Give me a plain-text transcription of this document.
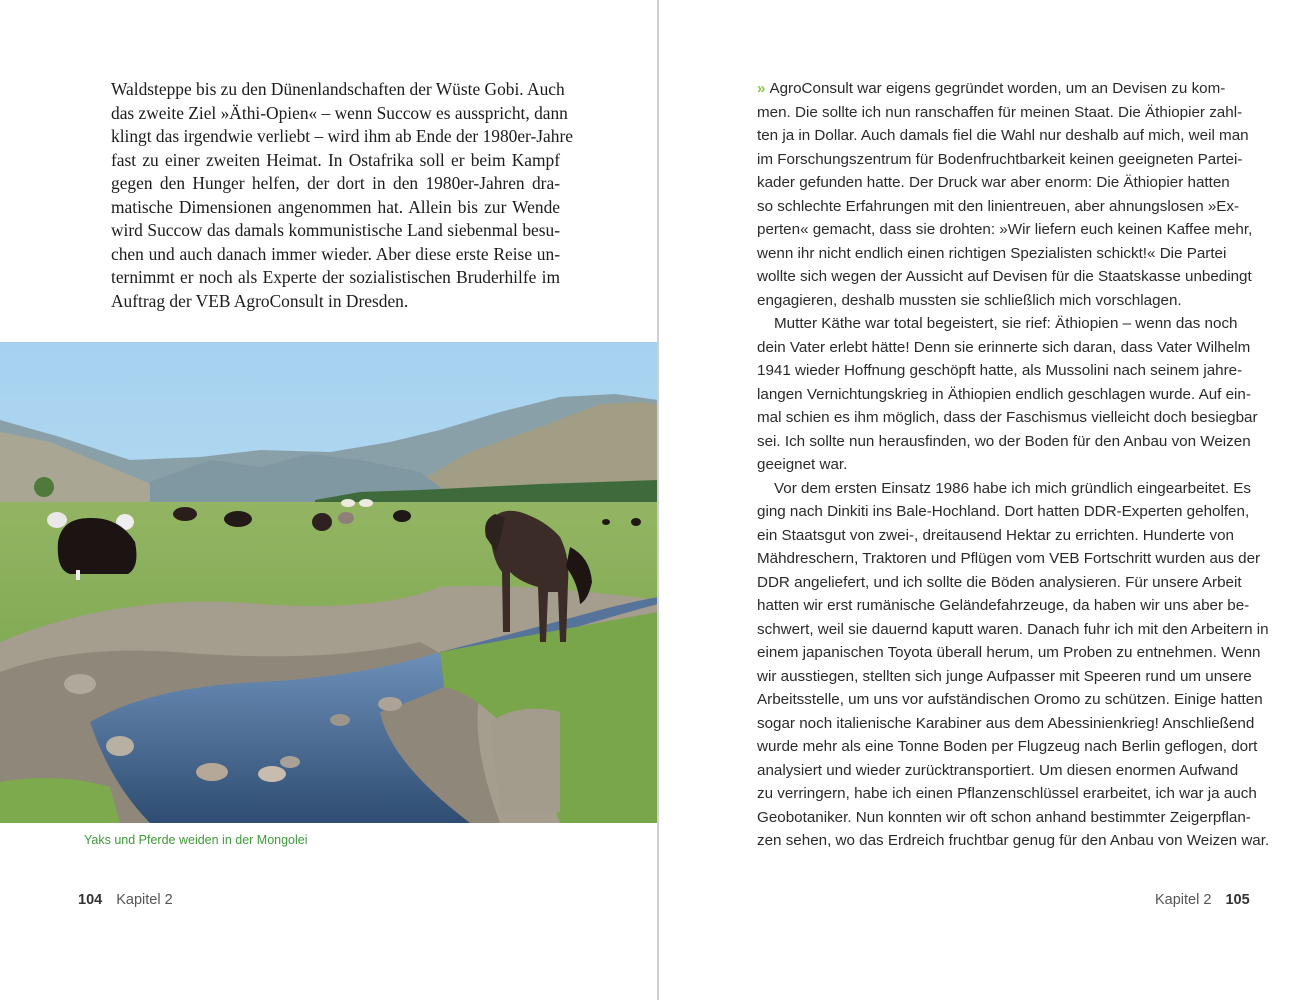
Waldsteppe bis zu den Dünenlandschaften der Wüste Gobi. Auch
das zweite Ziel »Äthi-Opien« – wenn Succow es ausspricht, dann
klingt das irgendwie verliebt – wird ihm ab Ende der 1980er-Jahre
fast zu einer zweiten Heimat. In Ostafrika soll er beim Kampf
gegen den Hunger helfen, der dort in den 1980er-Jahren dra-
matische Dimensionen angenommen hat. Allein bis zur Wende
wird Succow das damals kommunistische Land siebenmal besu-
chen und auch danach immer wieder. Aber diese erste Reise un-
ternimmt er noch als Experte der sozialistischen Bruderhilfe im
Auftrag der VEB AgroConsult in Dresden.
Yaks und Pferde weiden in der Mongolei
104 Kapitel 2
» AgroConsult war eigens gegründet worden, um an Devisen zu kom-
men. Die sollte ich nun ranschaffen für meinen Staat. Die Äthiopier zahl-
ten ja in Dollar. Auch damals fiel die Wahl nur deshalb auf mich, weil man
im Forschungszentrum für Bodenfruchtbarkeit keinen geeigneten Partei-
kader gefunden hatte. Der Druck war aber enorm: Die Äthiopier hatten
so schlechte Erfahrungen mit den linientreuen, aber ahnungslosen »Ex-
perten« gemacht, dass sie drohten: »Wir liefern euch keinen Kaffee mehr,
wenn ihr nicht endlich einen richtigen Spezialisten schickt!« Die Partei
wollte sich wegen der Aussicht auf Devisen für die Staatskasse unbedingt
engagieren, deshalb mussten sie schließlich mich vorschlagen.
Mutter Käthe war total begeistert, sie rief: Äthiopien – wenn das noch
dein Vater erlebt hätte! Denn sie erinnerte sich daran, dass Vater Wilhelm
1941 wieder Hoffnung geschöpft hatte, als Mussolini nach seinem jahre-
langen Vernichtungskrieg in Äthiopien endlich geschlagen wurde. Auf ein-
mal schien es ihm möglich, dass der Faschismus vielleicht doch besiegbar
sei. Ich sollte nun herausfinden, wo der Boden für den Anbau von Weizen
geeignet war.
Vor dem ersten Einsatz 1986 habe ich mich gründlich eingearbeitet. Es
ging nach Dinkiti ins Bale-Hochland. Dort hatten DDR-Experten geholfen,
ein Staatsgut von zwei-, dreitausend Hektar zu errichten. Hunderte von
Mähdreschern, Traktoren und Pflügen vom VEB Fortschritt wurden aus der
DDR angeliefert, und ich sollte die Böden analysieren. Für unsere Arbeit
hatten wir erst rumänische Geländefahrzeuge, da haben wir uns aber be-
schwert, weil sie dauernd kaputt waren. Danach fuhr ich mit den Arbeitern in
einem japanischen Toyota überall herum, um Proben zu entnehmen. Wenn
wir ausstiegen, stellten sich junge Aufpasser mit Speeren rund um unsere
Arbeitsstelle, um uns vor aufständischen Oromo zu schützen. Einige hatten
sogar noch italienische Karabiner aus dem Abessinienkrieg! Anschließend
wurde mehr als eine Tonne Boden per Flugzeug nach Berlin geflogen, dort
analysiert und wieder zurücktransportiert. Um diesen enormen Aufwand
zu verringern, habe ich einen Pflanzenschlüssel erarbeitet, ich war ja auch
Geobotaniker. Nun konnten wir oft schon anhand bestimmter Zeigerpflan-
zen sehen, wo das Erdreich fruchtbar genug für den Anbau von Weizen war.
Kapitel 2 105
